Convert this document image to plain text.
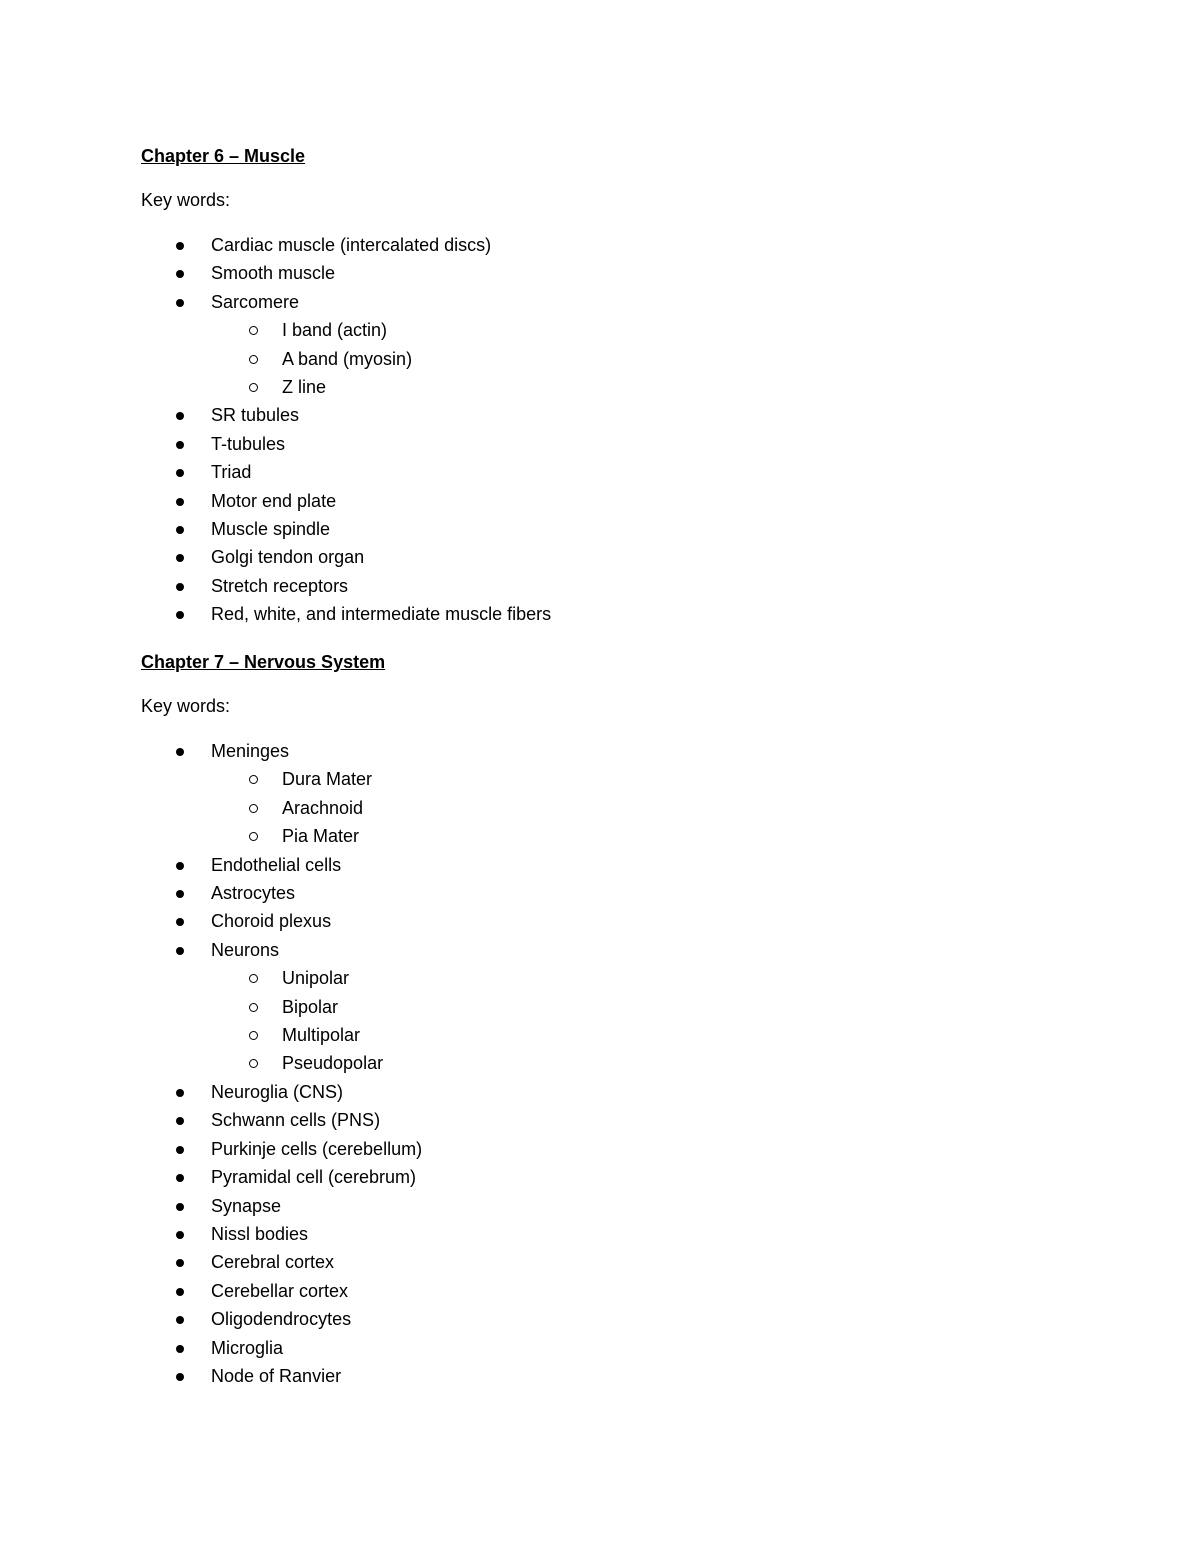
Chapter 6 – Muscle
Key words:
Cardiac muscle (intercalated discs)
Smooth muscle
Sarcomere
I band (actin)
A band (myosin)
Z line
SR tubules
T-tubules
Triad
Motor end plate
Muscle spindle
Golgi tendon organ
Stretch receptors
Red, white, and intermediate muscle fibers
Chapter 7 – Nervous System
Key words:
Meninges
Dura Mater
Arachnoid
Pia Mater
Endothelial cells
Astrocytes
Choroid plexus
Neurons
Unipolar
Bipolar
Multipolar
Pseudopolar
Neuroglia (CNS)
Schwann cells (PNS)
Purkinje cells (cerebellum)
Pyramidal cell (cerebrum)
Synapse
Nissl bodies
Cerebral cortex
Cerebellar cortex
Oligodendrocytes
Microglia
Node of Ranvier
